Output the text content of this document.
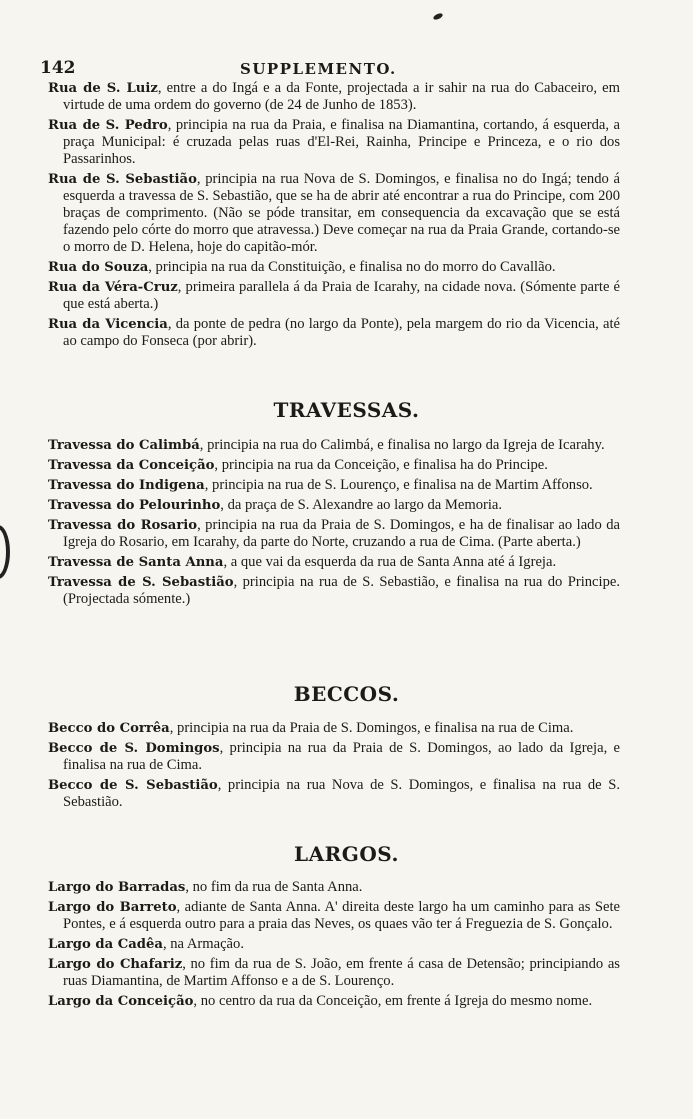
142	SUPPLEMENTO.

Rua de S. Luiz, entre a do Ingá e a da Fonte, projectada a ir sahir na rua do Cabaceiro, em virtude de uma ordem do governo (de 24 de Junho de 1853).

Rua de S. Pedro, principia na rua da Praia, e finalisa na Diamantina, cortando, á esquerda, a praça Municipal: é cruzada pelas ruas d'El-Rei, Rainha, Principe e Princeza, e o rio dos Passarinhos.

Rua de S. Sebastião, principia na rua Nova de S. Domingos, e finalisa no do Ingá; tendo á esquerda a travessa de S. Sebastião, que se ha de abrir até encontrar a rua do Principe, com 200 braças de comprimento. (Não se póde transitar, em consequencia da excavação que se está fazendo pelo córte do morro que atravessa.) Deve começar na rua da Praia Grande, cortando-se o morro de D. Helena, hoje do capitão-mór.

Rua do Souza, principia na rua da Constituição, e finalisa no do morro do Cavallão.

Rua da Véra-Cruz, primeira parallela á da Praia de Icarahy, na cidade nova. (Sómente parte é que está aberta.)

Rua da Vicencia, da ponte de pedra (no largo da Ponte), pela margem do rio da Vicencia, até ao campo do Fonseca (por abrir).

TRAVESSAS.

Travessa do Calimbá, principia na rua do Calimbá, e finalisa no largo da Igreja de Icarahy.

Travessa da Conceição, principia na rua da Conceição, e finalisa ha do Principe.

Travessa do Indigena, principia na rua de S. Lourenço, e finalisa na de Martim Affonso.

Travessa do Pelourinho, da praça de S. Alexandre ao largo da Memoria.

Travessa do Rosario, principia na rua da Praia de S. Domingos, e ha de finalisar ao lado da Igreja do Rosario, em Icarahy, da parte do Norte, cruzando a rua de Cima. (Parte aberta.)

Travessa de Santa Anna, a que vai da esquerda da rua de Santa Anna até á Igreja.

Travessa de S. Sebastião, principia na rua de S. Sebastião, e finalisa na rua do Principe. (Projectada sómente.)

BECCOS.

Becco do Corrêa, principia na rua da Praia de S. Domingos, e finalisa na rua de Cima.

Becco de S. Domingos, principia na rua da Praia de S. Domingos, ao lado da Igreja, e finalisa na rua de Cima.

Becco de S. Sebastião, principia na rua Nova de S. Domingos, e finalisa na rua de S. Sebastião.

LARGOS.

Largo do Barradas, no fim da rua de Santa Anna.

Largo do Barreto, adiante de Santa Anna. A' direita deste largo ha um caminho para as Sete Pontes, e á esquerda outro para a praia das Neves, os quaes vão ter á Freguezia de S. Gonçalo.

Largo da Cadêa, na Armação.

Largo do Chafariz, no fim da rua de S. João, em frente á casa de Detensão; principiando as ruas Diamantina, de Martim Affonso e a de S. Lourenço.

Largo da Conceição, no centro da rua da Conceição, em frente á Igreja do mesmo nome.
